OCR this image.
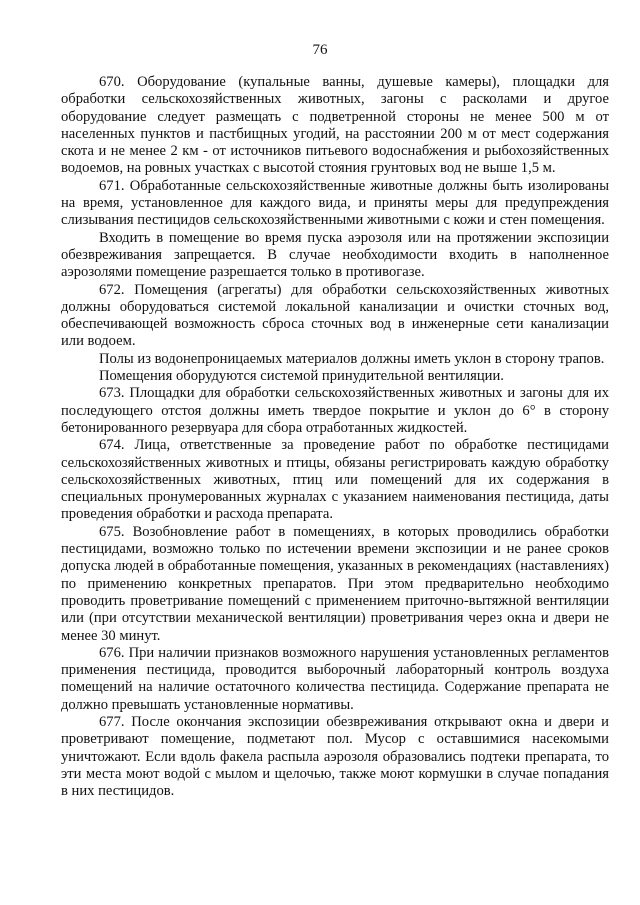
76

670. Оборудование (купальные ванны, душевые камеры), площадки для обработки сельскохозяйственных животных, загоны с расколами и другое оборудование следует размещать с подветренной стороны не менее 500 м от населенных пунктов и пастбищных угодий, на расстоянии 200 м от мест содержания скота и не менее 2 км - от источников питьевого водоснабжения и рыбохозяйственных водоемов, на ровных участках с высотой стояния грунтовых вод не выше 1,5 м.

671. Обработанные сельскохозяйственные животные должны быть изолированы на время, установленное для каждого вида, и приняты меры для предупреждения слизывания пестицидов сельскохозяйственными животными с кожи и стен помещения.

Входить в помещение во время пуска аэрозоля или на протяжении экспозиции обезвреживания запрещается. В случае необходимости входить в наполненное аэрозолями помещение разрешается только в противогазе.

672. Помещения (агрегаты) для обработки сельскохозяйственных животных должны оборудоваться системой локальной канализации и очистки сточных вод, обеспечивающей возможность сброса сточных вод в инженерные сети канализации или водоем.

Полы из водонепроницаемых материалов должны иметь уклон в сторону трапов.

Помещения оборудуются системой принудительной вентиляции.

673. Площадки для обработки сельскохозяйственных животных и загоны для их последующего отстоя должны иметь твердое покрытие и уклон до 6° в сторону бетонированного резервуара для сбора отработанных жидкостей.

674. Лица, ответственные за проведение работ по обработке пестицидами сельскохозяйственных животных и птицы, обязаны регистрировать каждую обработку сельскохозяйственных животных, птиц или помещений для их содержания в специальных пронумерованных журналах с указанием наименования пестицида, даты проведения обработки и расхода препарата.

675. Возобновление работ в помещениях, в которых проводились обработки пестицидами, возможно только по истечении времени экспозиции и не ранее сроков допуска людей в обработанные помещения, указанных в рекомендациях (наставлениях) по применению конкретных препаратов. При этом предварительно необходимо проводить проветривание помещений с применением приточно-вытяжной вентиляции или (при отсутствии механической вентиляции) проветривания через окна и двери не менее 30 минут.

676. При наличии признаков возможного нарушения установленных регламентов применения пестицида, проводится выборочный лабораторный контроль воздуха помещений на наличие остаточного количества пестицида. Содержание препарата не должно превышать установленные нормативы.

677. После окончания экспозиции обезвреживания открывают окна и двери и проветривают помещение, подметают пол. Мусор с оставшимися насекомыми уничтожают. Если вдоль факела распыла аэрозоля образовались подтеки препарата, то эти места моют водой с мылом и щелочью, также моют кормушки в случае попадания в них пестицидов.
